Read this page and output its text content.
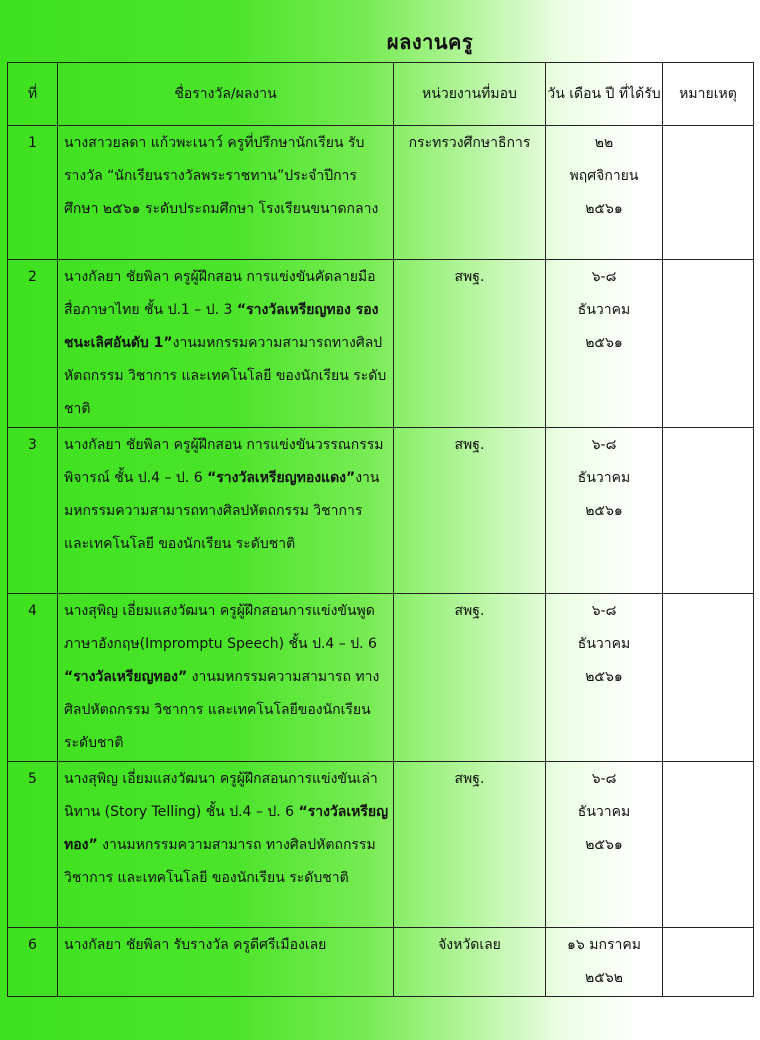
ผลงานครู
ที่	ชื่อรางวัล/ผลงาน	หน่วยงานที่มอบ	วัน เดือน ปี ที่ได้รับ	หมายเหตุ
1	นางสาวยลดา แก้วพะเนาว์ ครูที่ปรึกษานักเรียน รับรางวัล “นักเรียนรางวัลพระราชทาน”ประจำปีการศึกษา ๒๕๖๑ ระดับประถมศึกษา โรงเรียนขนาดกลาง	กระทรวงศึกษาธิการ	๒๒
พฤศจิกายน
๒๕๖๑	

2	นางกัลยา ชัยพิลา ครูผู้ฝึกสอน การแข่งขันคัดลายมือสื่อภาษาไทย ชั้น ป.1 – ป. 3 “รางวัลเหรียญทอง รองชนะเลิศอันดับ 1”งานมหกรรมความสามารถทางศิลปหัตถกรรม วิชาการ และเทคโนโลยี ของนักเรียน ระดับชาติ	สพฐ.	๖-๘
ธันวาคม
๒๕๖๑	

3	นางกัลยา ชัยพิลา ครูผู้ฝึกสอน การแข่งขันวรรณกรรมพิจารณ์ ชั้น ป.4 – ป. 6 “รางวัลเหรียญทองแดง”งานมหกรรมความสามารถทางศิลปหัตถกรรม วิชาการ และเทคโนโลยี ของนักเรียน ระดับชาติ	สพฐ.	๖-๘
ธันวาคม
๒๕๖๑	

4	นางสุพิญ เอี่ยมแสงวัฒนา ครูผู้ฝึกสอนการแข่งขันพูดภาษาอังกฤษ(Impromptu Speech) ชั้น ป.4 – ป. 6 “รางวัลเหรียญทอง” งานมหกรรมความสามารถ ทางศิลปหัตถกรรม วิชาการ และเทคโนโลยีของนักเรียน ระดับชาติ	สพฐ.	๖-๘
ธันวาคม
๒๕๖๑	

5	นางสุพิญ เอี่ยมแสงวัฒนา ครูผู้ฝึกสอนการแข่งขันเล่านิทาน (Story Telling) ชั้น ป.4 – ป. 6 “รางวัลเหรียญทอง” งานมหกรรมความสามารถ ทางศิลปหัตถกรรม วิชาการ และเทคโนโลยี ของนักเรียน ระดับชาติ	สพฐ.	๖-๘
ธันวาคม
๒๕๖๑	

6	นางกัลยา ชัยพิลา รับรางวัล ครูดีศรีเมืองเลย	จังหวัดเลย	๑๖ มกราคม
๒๕๖๒	
